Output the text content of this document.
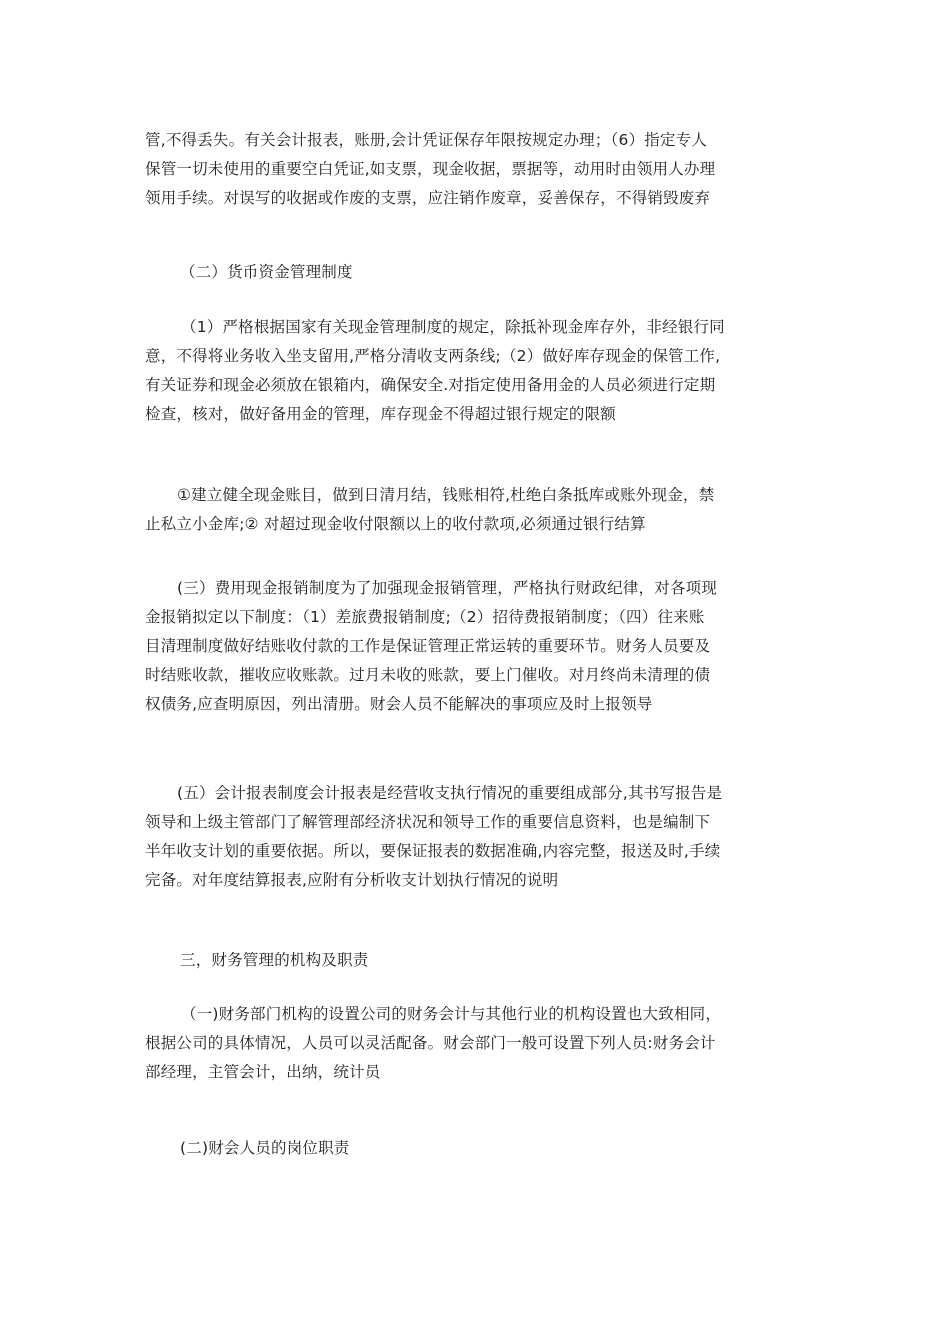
管,不得丢失。有关会计报表，账册,会计凭证保存年限按规定办理；（6）指定专人
保管一切未使用的重要空白凭证,如支票，现金收据，票据等，动用时由领用人办理
领用手续。对误写的收据或作废的支票，应注销作废章，妥善保存，不得销毁废弃

（二）货币资金管理制度

（1）严格根据国家有关现金管理制度的规定，除抵补现金库存外，非经银行同
意，不得将业务收入坐支留用,严格分清收支两条线;（2）做好库存现金的保管工作,
有关证券和现金必须放在银箱内，确保安全.对指定使用备用金的人员必须进行定期
检查，核对，做好备用金的管理，库存现金不得超过银行规定的限额

①建立健全现金账目，做到日清月结，钱账相符,杜绝白条抵库或账外现金，禁
止私立小金库;② 对超过现金收付限额以上的收付款项,必须通过银行结算

(三）费用现金报销制度为了加强现金报销管理，严格执行财政纪律，对各项现
金报销拟定以下制度：（1）差旅费报销制度;（2）招待费报销制度；（四）往来账
目清理制度做好结账收付款的工作是保证管理正常运转的重要环节。财务人员要及
时结账收款，摧收应收账款。过月未收的账款，要上门催收。对月终尚未清理的债
权债务,应查明原因，列出清册。财会人员不能解决的事项应及时上报领导

(五）会计报表制度会计报表是经营收支执行情况的重要组成部分,其书写报告是
领导和上级主管部门了解管理部经济状况和领导工作的重要信息资料，也是编制下
半年收支计划的重要依据。所以，要保证报表的数据准确,内容完整，报送及时,手续
完备。对年度结算报表,应附有分析收支计划执行情况的说明

三，财务管理的机构及职责

（一)财务部门机构的设置公司的财务会计与其他行业的机构设置也大致相同，
根据公司的具体情况，人员可以灵活配备。财会部门一般可设置下列人员:财务会计
部经理，主管会计，出纳，统计员

(二)财会人员的岗位职责
